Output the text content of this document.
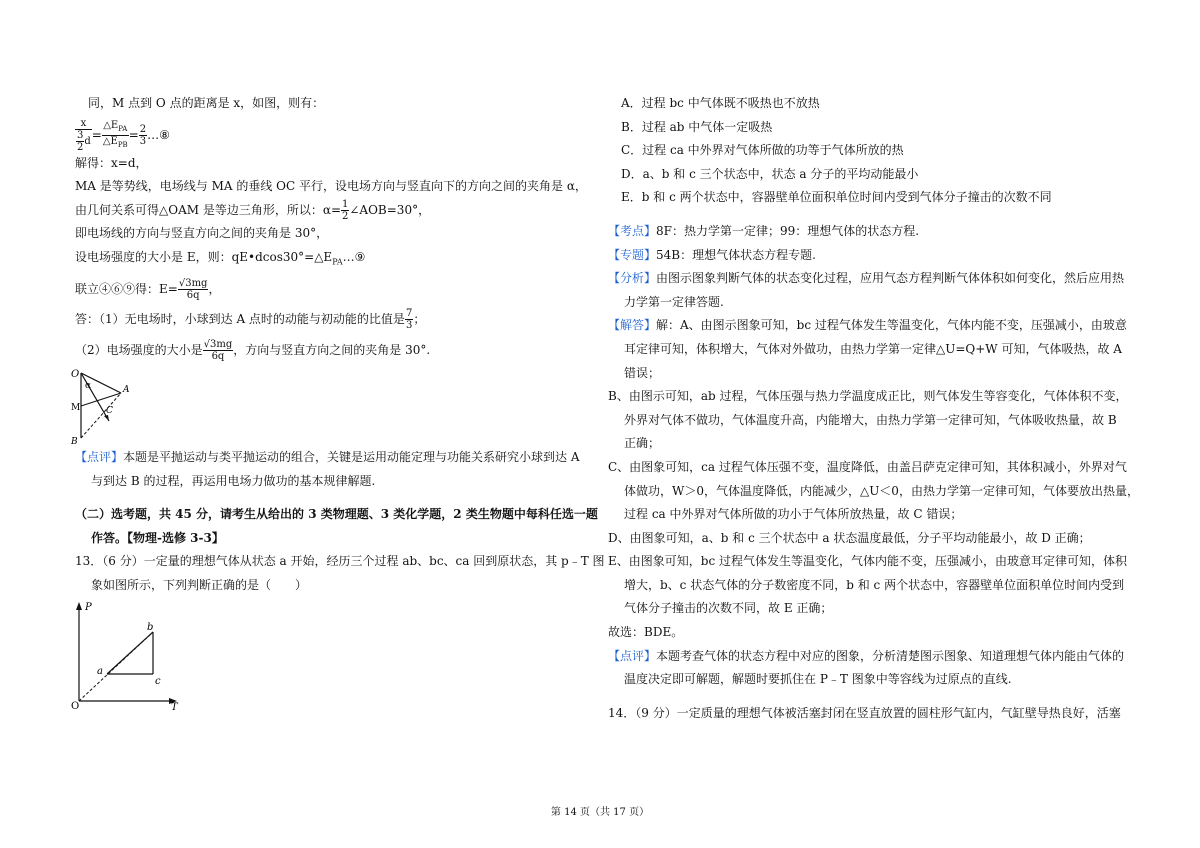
同，M 点到 O 点的距离是 x，如图，则有：

$\frac{x}{\frac{3}{2} d} = \frac{\triangle E_{PA}}{\triangle E_{PB}} = \frac{2}{3}$ …⑧

解得：x=d，

MA 是等势线，电场线与 MA 的垂线 OC 平行，设电场方向与竖直向下的方向之间的夹角是 α，

由几何关系可得△OAM 是等边三角形，所以：$\alpha= \frac{1}{2}$ ∠AOB=30°，

即电场线的方向与竖直方向之间的夹角是 30°，

设电场强度的大小是 E，则：$qE•dcos30^\circ=\triangle E_{PA}\dots ⑨$

联立④⑥⑨得：$E= \frac{√3mg}{6q}$ ，

答：（1）无电场时，小球到达 A 点时的动能与初动能的比值是 $\frac{7}{3}$ ；

（2）电场强度的大小是 $\frac{√3mg}{6q}$ ，方向与竖直方向之间的夹角是 30°.

O
α	A
M	C
B

【点评】本题是平抛运动与类平抛运动的组合，关键是运用动能定理与功能关系研究小球到达 A

与到达 B 的过程，再运用电场力做功的基本规律解题.

（二）选考题，共 45 分，请考生从给出的 3 类物理题、3 类化学题，2 类生物题中每科任选一题

作答。【物理-选修 3-3】

13．（6 分）一定量的理想气体从状态 a 开始，经历三个过程 ab、bc、ca 回到原状态，其 p﹣T 图

象如图所示，下列判断正确的是（　　）

P
T
O
a
b
c

A．过程 bc 中气体既不吸热也不放热

B．过程 ab 中气体一定吸热

C．过程 ca 中外界对气体所做的功等于气体所放的热

D．a、b 和 c 三个状态中，状态 a 分子的平均动能最小

E．b 和 c 两个状态中，容器壁单位面积单位时间内受到气体分子撞击的次数不同

【考点】8F：热力学第一定律；99：理想气体的状态方程.

【专题】54B：理想气体状态方程专题.

【分析】由图示图象判断气体的状态变化过程，应用气态方程判断气体体积如何变化，然后应用热

力学第一定律答题.

【解答】解：A、由图示图象可知，bc 过程气体发生等温变化，气体内能不变，压强减小，由玻意

耳定律可知，体积增大，气体对外做功，由热力学第一定律△U=Q+W 可知，气体吸热，故 A

错误；

B、由图示可知，ab 过程，气体压强与热力学温度成正比，则气体发生等容变化，气体体积不变，

外界对气体不做功，气体温度升高，内能增大，由热力学第一定律可知，气体吸收热量，故 B

正确；

C、由图象可知，ca 过程气体压强不变，温度降低，由盖吕萨克定律可知，其体积减小，外界对气

体做功，W＞0，气体温度降低，内能减少，△U＜0，由热力学第一定律可知，气体要放出热量，

过程 ca 中外界对气体所做的功小于气体所放热量，故 C 错误；

D、由图象可知，a、b 和 c 三个状态中 a 状态温度最低，分子平均动能最小，故 D 正确；

E、由图象可知，bc 过程气体发生等温变化，气体内能不变，压强减小，由玻意耳定律可知，体积

增大，b、c 状态气体的分子数密度不同，b 和 c 两个状态中，容器壁单位面积单位时间内受到

气体分子撞击的次数不同，故 E 正确；

故选：BDE。

【点评】本题考查气体的状态方程中对应的图象，分析清楚图示图象、知道理想气体内能由气体的

温度决定即可解题，解题时要抓住在 P﹣T 图象中等容线为过原点的直线.

14．（9 分）一定质量的理想气体被活塞封闭在竖直放置的圆柱形气缸内，气缸壁导热良好，活塞

第 14 页（共 17 页）
